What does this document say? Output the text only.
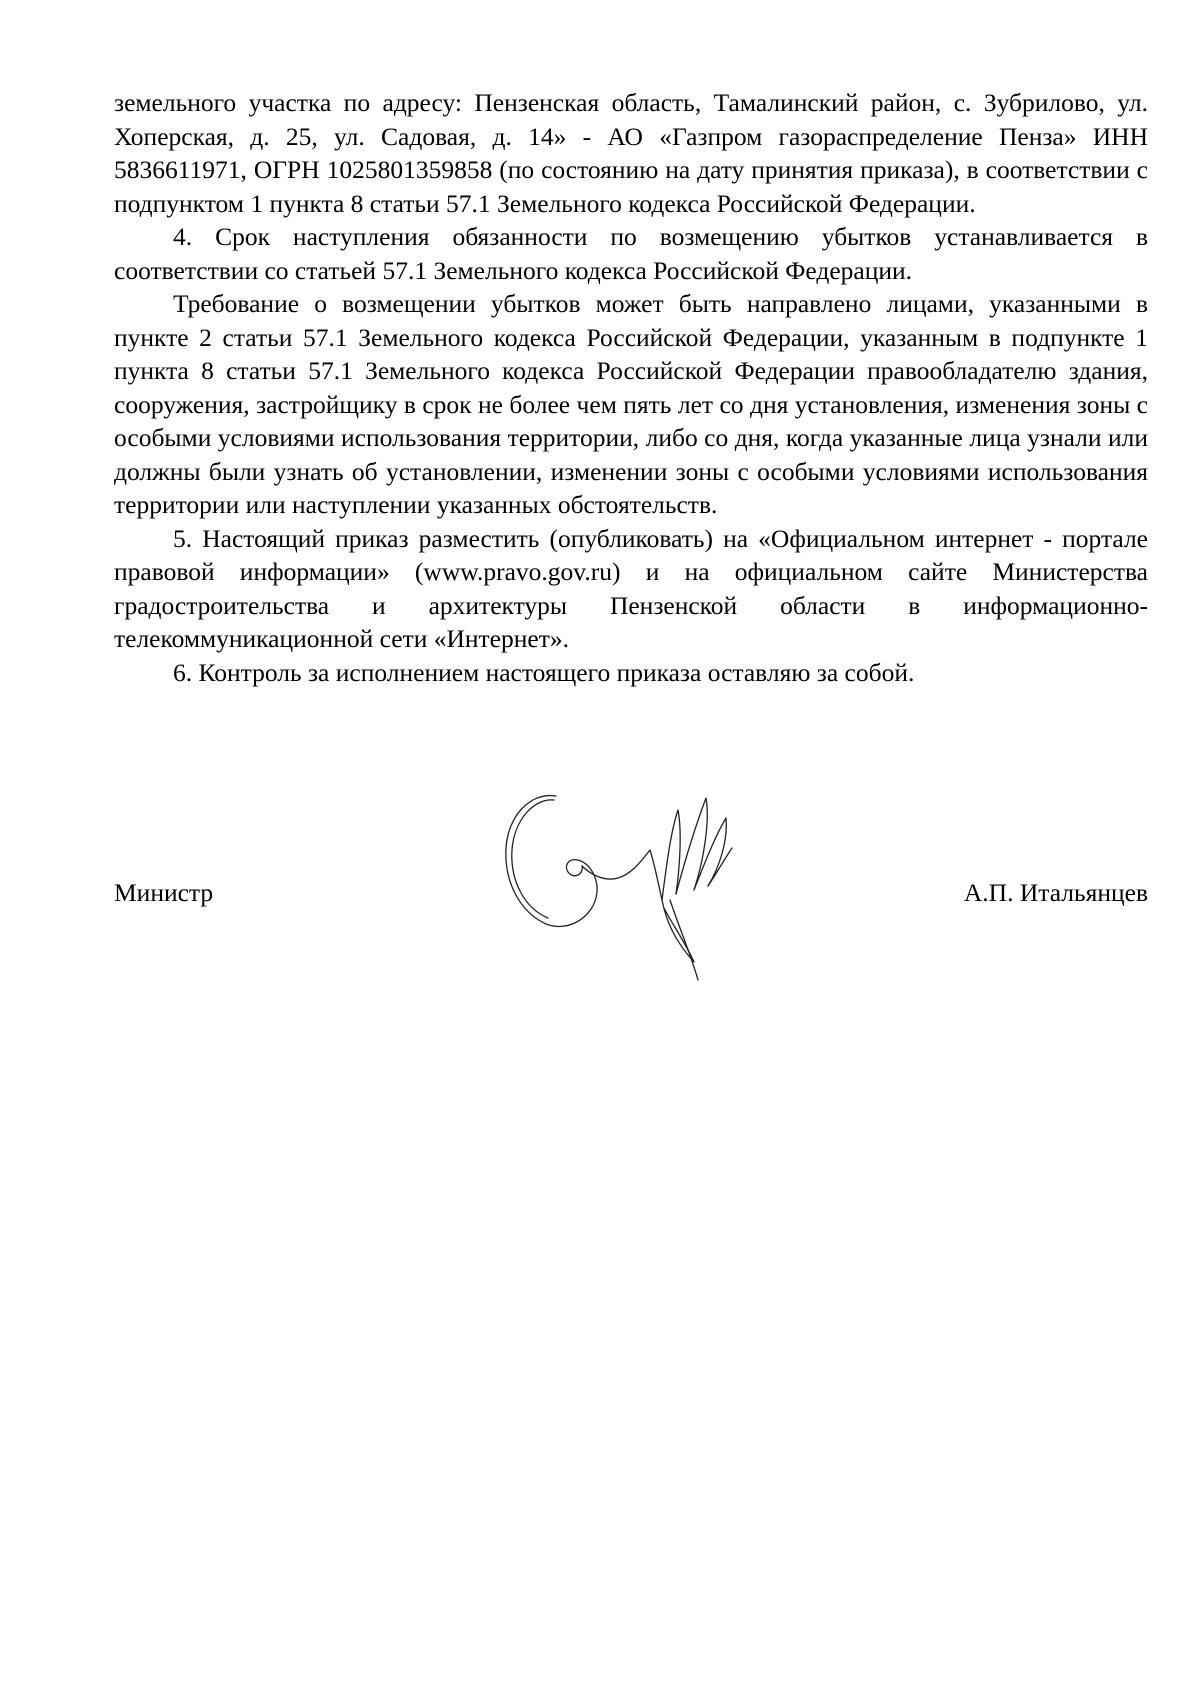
земельного участка по адресу: Пензенская область, Тамалинский район, с. Зубрилово, ул. Хоперская, д. 25, ул. Садовая, д. 14» - АО «Газпром газораспределение Пенза» ИНН 5836611971, ОГРН 1025801359858 (по состоянию на дату принятия приказа), в соответствии с подпунктом 1 пункта 8 статьи 57.1 Земельного кодекса Российской Федерации.

4. Срок наступления обязанности по возмещению убытков устанавливается в соответствии со статьей 57.1 Земельного кодекса Российской Федерации.

Требование о возмещении убытков может быть направлено лицами, указанными в пункте 2 статьи 57.1 Земельного кодекса Российской Федерации, указанным в подпункте 1 пункта 8 статьи 57.1 Земельного кодекса Российской Федерации правообладателю здания, сооружения, застройщику в срок не более чем пять лет со дня установления, изменения зоны с особыми условиями использования территории, либо со дня, когда указанные лица узнали или должны были узнать об установлении, изменении зоны с особыми условиями использования территории или наступлении указанных обстоятельств.

5. Настоящий приказ разместить (опубликовать) на «Официальном интернет - портале правовой информации» (www.pravo.gov.ru) и на официальном сайте Министерства градостроительства и архитектуры Пензенской области в информационно-телекоммуникационной сети «Интернет».

6. Контроль за исполнением настоящего приказа оставляю за собой.

Министр	А.П. Итальянцев
